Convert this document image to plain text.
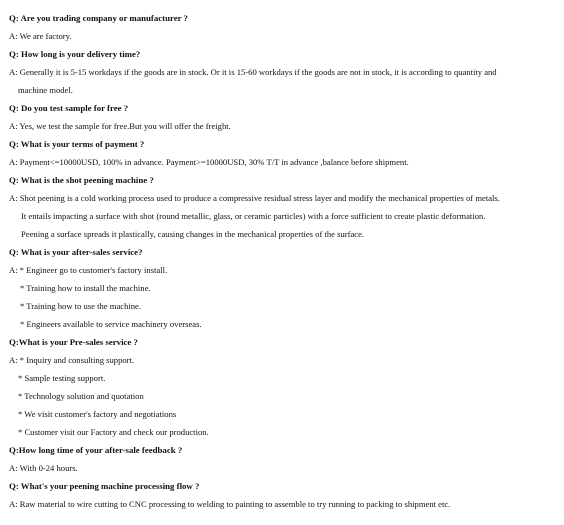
Q: Are you trading company or manufacturer ?
A: We are factory.
Q: How long is your delivery time?
A: Generally it is 5-15 workdays if the goods are in stock. Or it is 15-60 workdays if the goods are not in stock, it is according to quantity and
machine model.
Q: Do you test sample for free ?
A: Yes, we test the sample for free.But you will offer the freight.
Q: What is your terms of payment ?
A: Payment<=10000USD, 100% in advance. Payment>=10000USD, 30% T/T in advance ,balance before shipment.
Q: What is the shot peening machine ?
A: Shot peening is a cold working process used to produce a compressive residual stress layer and modify the mechanical properties of metals.
It entails impacting a surface with shot (round metallic, glass, or ceramic particles) with a force sufficient to create plastic deformation.
Peening a surface spreads it plastically, causing changes in the mechanical properties of the surface.
Q: What is your after-sales service?
A: * Engineer go to customer's factory install.
* Training how to install the machine.
* Training how to use the machine.
* Engineers available to service machinery overseas.
Q:What is your Pre-sales service ?
A: * Inquiry and consulting support.
* Sample testing support.
* Technology solution and quotation
* We visit customer's factory and negotiations
* Customer visit our Factory and check our production.
Q:How long time of your after-sale feedback ?
A: With 0-24 hours.
Q: What's your peening machine processing flow ?
A: Raw material to wire cutting to CNC processing to welding to painting to assemble to try running to packing to shipment etc.
